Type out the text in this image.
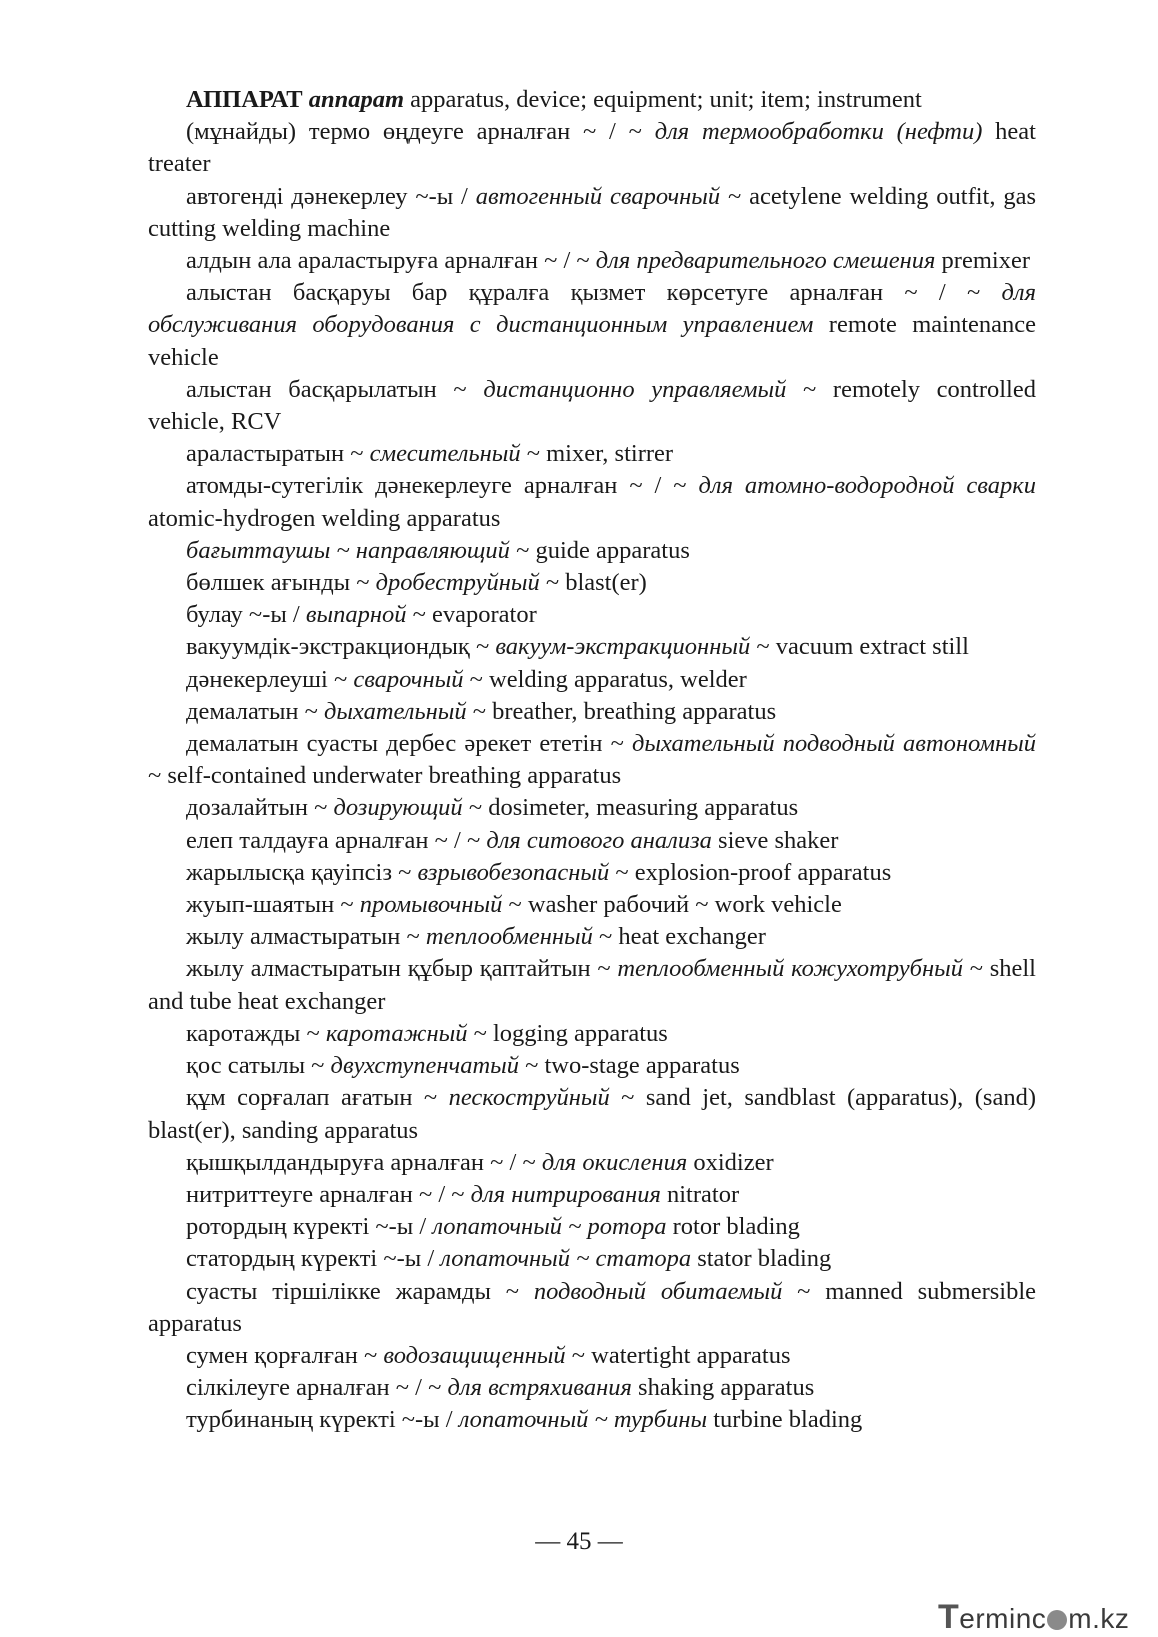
АППАРАТ аппарат apparatus, device; equipment; unit; item; instrument

(мұнайды) термо өңдеуге арналған ~ / ~ для термообработки (нефти) heat treater

автогенді дәнекерлеу ~-ы / автогенный сварочный ~ acetylene welding outfit, gas cutting welding machine

алдын ала араластыруға арналған ~ / ~ для предварительного смешения premixer

алыстан басқаруы бар құралға қызмет көрсетуге арналған ~ / ~ для обслуживания оборудования с дистанционным управлением remote maintenance vehicle

алыстан басқарылатын ~ дистанционно управляемый ~ remotely controlled vehicle, RCV

араластыратын ~ смесительный ~ mixer, stirrer

атомды-сутегілік дәнекерлеуге арналған ~ / ~ для атомно-водородной сварки atomic-hydrogen welding apparatus

бағыттаушы ~ направляющий ~ guide apparatus

бөлшек ағынды ~ дробеструйный ~ blast(er)

булау ~-ы / выпарной ~ evaporator

вакуумдік-экстракциондық ~ вакуум-экстракционный ~ vacuum extract still

дәнекерлеуші ~ сварочный ~ welding apparatus, welder

демалатын ~ дыхательный ~ breather, breathing apparatus

демалатын суасты дербес әрекет ететін ~ дыхательный подводный автономный ~ self-contained underwater breathing apparatus

дозалайтын ~ дозирующий ~ dosimeter, measuring apparatus

елеп талдауға арналған ~ / ~ для ситового анализа sieve shaker

жарылысқа қауіпсіз ~ взрывобезопасный ~ explosion-proof apparatus

жуып-шаятын ~ промывочный ~ washer рабочий ~ work vehicle

жылу алмастыратын ~ теплообменный ~ heat exchanger

жылу алмастыратын құбыр қаптайтын ~ теплообменный кожухотрубный ~ shell and tube heat exchanger

каротажды ~ каротажный ~ logging apparatus

қос сатылы ~ двухступенчатый ~ two-stage apparatus

құм сорғалап ағатын ~ пескоструйный ~ sand jet, sandblast (apparatus), (sand) blast(er), sanding apparatus

қышқылдандыруға арналған ~ / ~ для окисления oxidizer

нитриттеуге арналған ~ / ~ для нитрирования nitrator

ротордың күректі ~-ы / лопаточный ~ ротора rotor blading

статордың күректі ~-ы / лопаточный ~ статора stator blading

суасты тіршілікке жарамды ~ подводный обитаемый ~ manned submersible apparatus

сумен қорғалған ~ водозащищенный ~ watertight apparatus

сілкілеуге арналған ~ / ~ для встряхивания shaking apparatus

турбинаның күректі ~-ы / лопаточный ~ турбины turbine blading

— 45 —
Terminc m.kz
